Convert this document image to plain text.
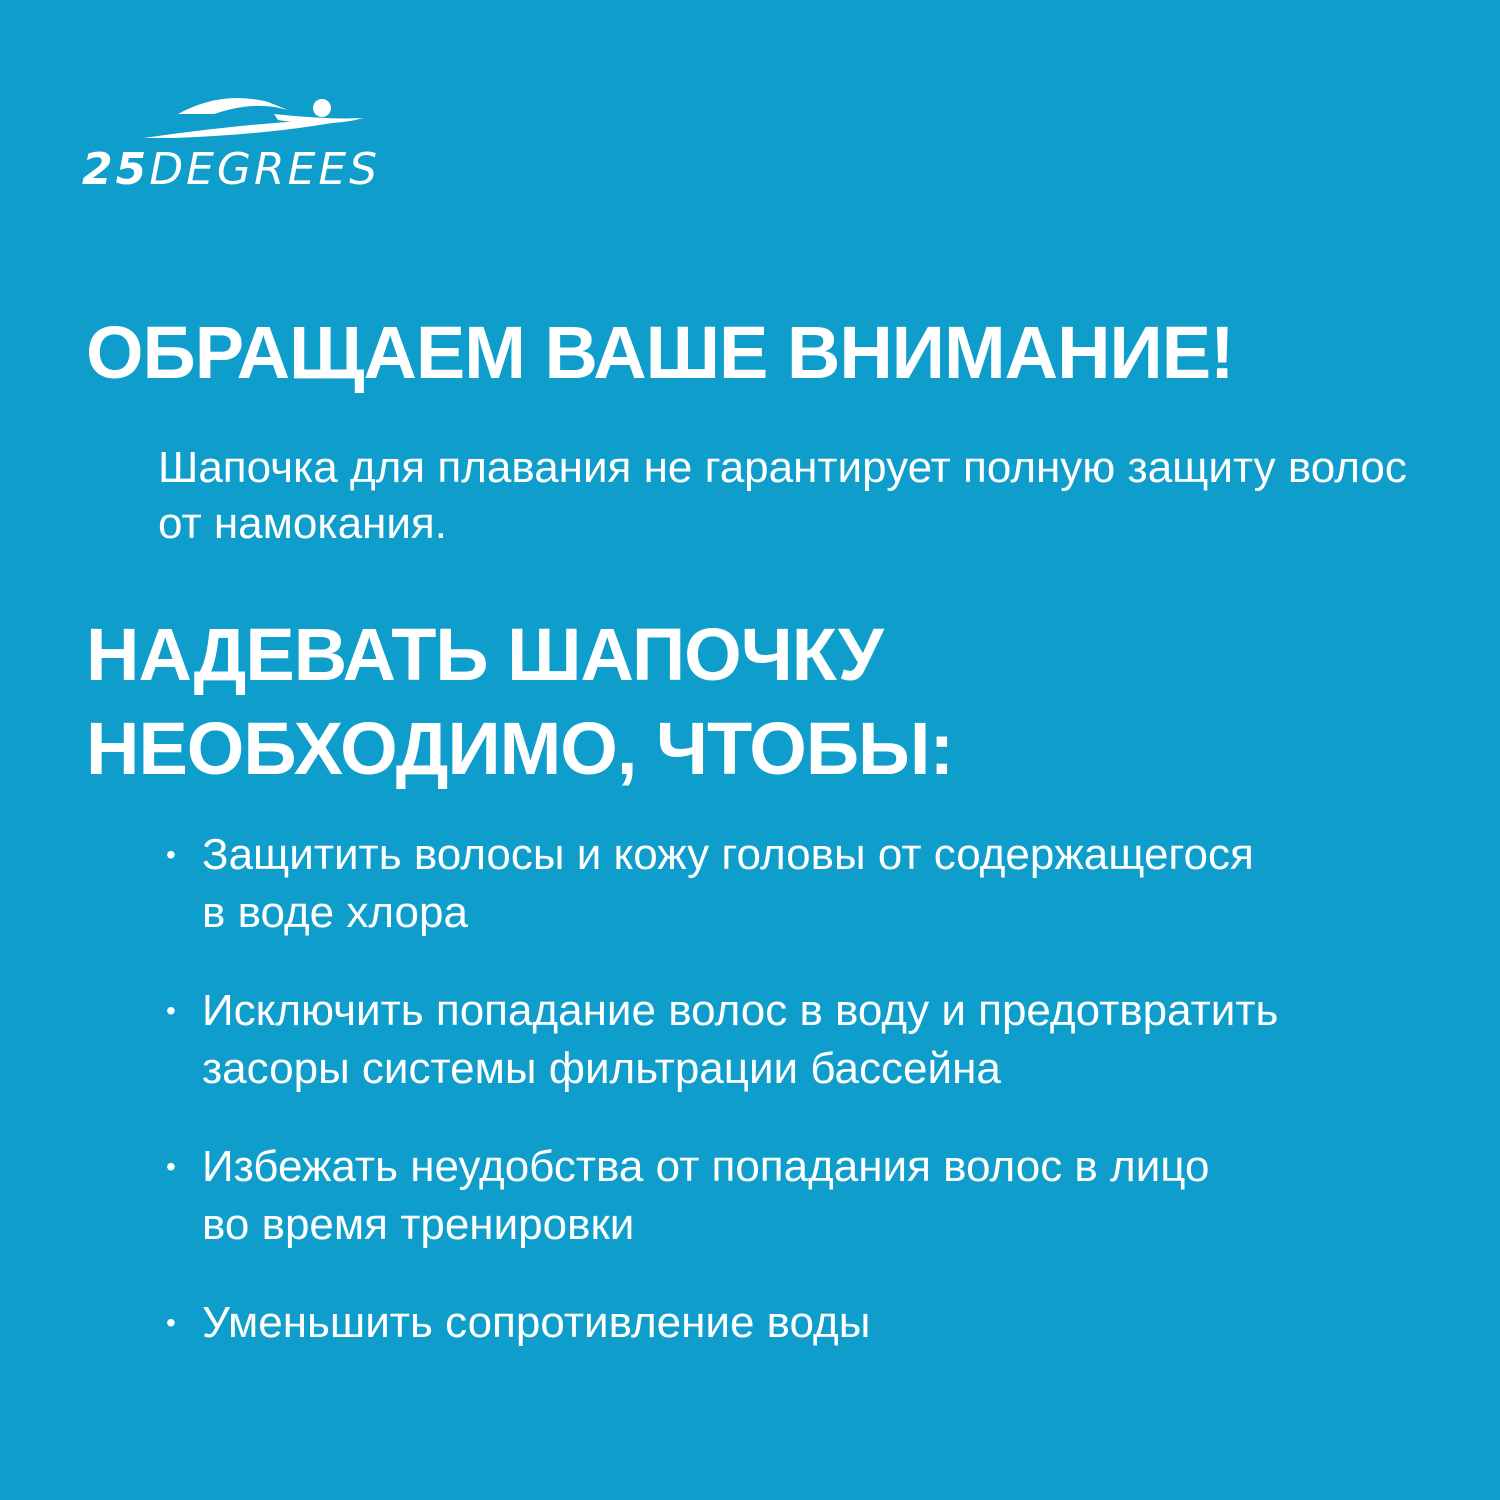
25DEGREES
ОБРАЩАЕМ ВАШЕ ВНИМАНИЕ!

Шапочка для плавания не гарантирует полную защиту волос от намокания.

НАДЕВАТЬ ШАПОЧКУ
НЕОБХОДИМО, ЧТОБЫ:
• Защитить волосы и кожу головы от содержащегося
в воде хлора
• Исключить попадание волос в воду и предотвратить
засоры системы фильтрации бассейна
• Избежать неудобства от попадания волос в лицо
во время тренировки
• Уменьшить сопротивление воды
